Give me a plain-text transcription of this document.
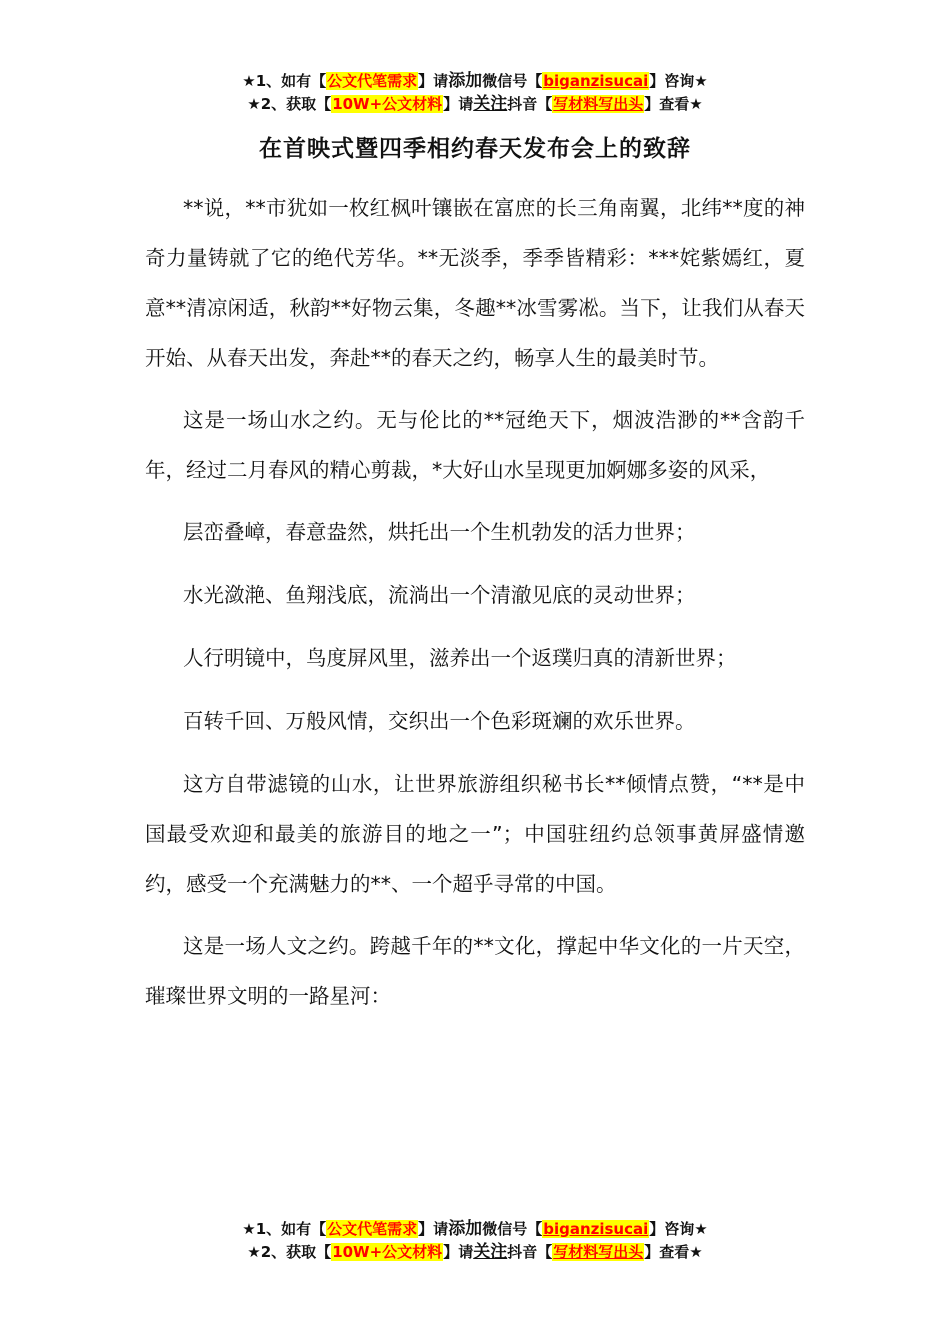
★1、如有【公文代笔需求】请添加微信号【biganzisucai】咨询★
★2、获取【10W+公文材料】请关注抖音【写材料写出头】查看★
在首映式暨四季相约春天发布会上的致辞

**说，**市犹如一枚红枫叶镶嵌在富庶的长三角南翼，北纬**度的神奇力量铸就了它的绝代芳华。**无淡季，季季皆精彩：***姹紫嫣红，夏意**清凉闲适，秋韵**好物云集，冬趣**冰雪雾凇。当下，让我们从春天开始、从春天出发，奔赴**的春天之约，畅享人生的最美时节。

这是一场山水之约。无与伦比的**冠绝天下，烟波浩渺的**含韵千年，经过二月春风的精心剪裁，*大好山水呈现更加婀娜多姿的风采，

层峦叠嶂，春意盎然，烘托出一个生机勃发的活力世界；

水光潋滟、鱼翔浅底，流淌出一个清澈见底的灵动世界；

人行明镜中，鸟度屏风里，滋养出一个返璞归真的清新世界；

百转千回、万般风情，交织出一个色彩斑斓的欢乐世界。

这方自带滤镜的山水，让世界旅游组织秘书长**倾情点赞，“**是中国最受欢迎和最美的旅游目的地之一”；中国驻纽约总领事黄屏盛情邀约，感受一个充满魅力的**、一个超乎寻常的中国。

这是一场人文之约。跨越千年的**文化，撑起中华文化的一片天空，璀璨世界文明的一路星河：

★1、如有【公文代笔需求】请添加微信号【biganzisucai】咨询★
★2、获取【10W+公文材料】请关注抖音【写材料写出头】查看★
